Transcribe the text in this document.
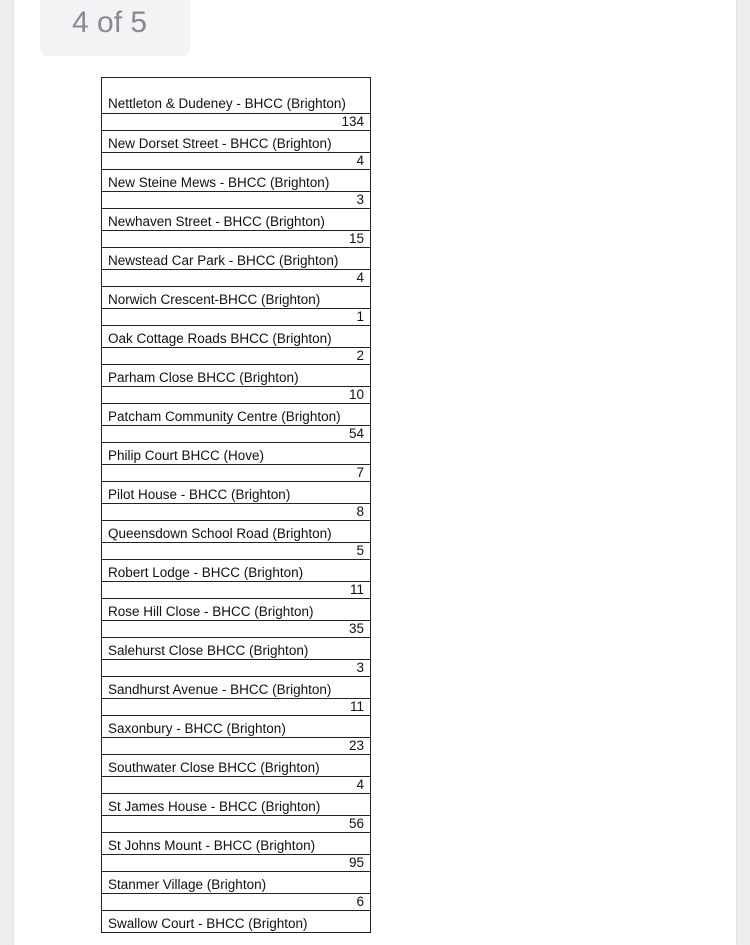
4 of 5
Nettleton & Dudeney - BHCC (Brighton)
134
New Dorset Street - BHCC (Brighton)
4
New Steine Mews - BHCC (Brighton)
3
Newhaven Street - BHCC (Brighton)
15
Newstead Car Park - BHCC (Brighton)
4
Norwich Crescent-BHCC (Brighton)
1
Oak Cottage Roads BHCC (Brighton)
2
Parham Close BHCC (Brighton)
10
Patcham Community Centre (Brighton)
54
Philip Court BHCC (Hove)
7
Pilot House - BHCC (Brighton)
8
Queensdown School Road (Brighton)
5
Robert Lodge - BHCC (Brighton)
11
Rose Hill Close - BHCC (Brighton)
35
Salehurst Close BHCC (Brighton)
3
Sandhurst Avenue - BHCC (Brighton)
11
Saxonbury - BHCC (Brighton)
23
Southwater Close BHCC (Brighton)
4
St James House - BHCC (Brighton)
56
St Johns Mount - BHCC (Brighton)
95
Stanmer Village (Brighton)
6
Swallow Court - BHCC (Brighton)
